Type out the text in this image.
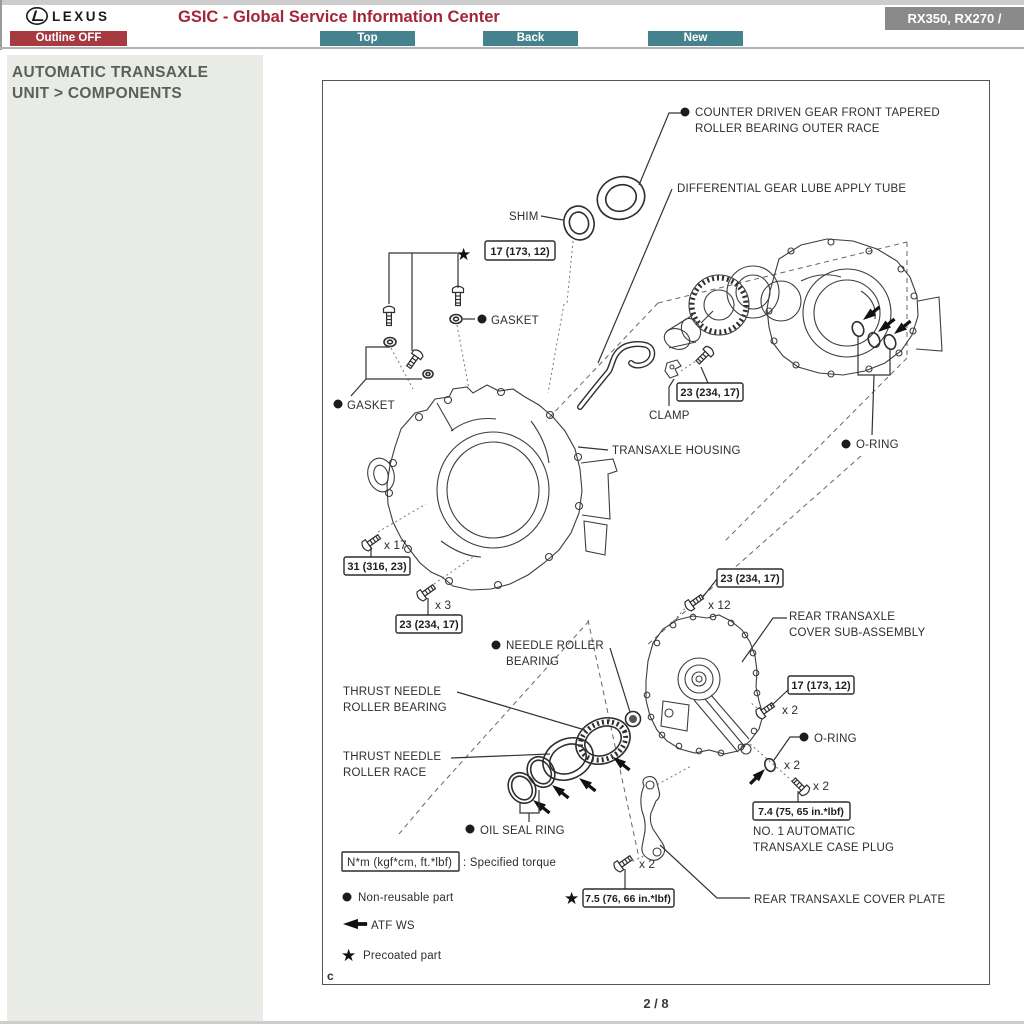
LEXUS	GSIC - Global Service Information Center	RX350, RX270 /
Outline OFF	Top	Back	New
AUTOMATIC TRANSAXLE
UNIT > COMPONENTS
★
★
★
COUNTER DRIVEN GEAR FRONT TAPERED
ROLLER BEARING OUTER RACE
SHIM
DIFFERENTIAL GEAR LUBE APPLY TUBE
GASKET
GASKET
CLAMP
TRANSAXLE HOUSING	O-RING
REAR TRANSAXLE
COVER SUB-ASSEMBLY
NEEDLE ROLLER
BEARING
THRUST NEEDLE
ROLLER BEARING
THRUST NEEDLE
ROLLER RACE
OIL SEAL RING
O-RING
NO. 1 AUTOMATIC
TRANSAXLE CASE PLUG
REAR TRANSAXLE COVER PLATE
x 17
x 3	x 12
x 2
x 2
x 2
x 2
17 (173, 12)
23 (234, 17)
31 (316, 23)
23 (234, 17)
23 (234, 17)
17 (173, 12)
7.4 (75, 65 in.*lbf)
7.5 (76, 66 in.*lbf)
N*m (kgf*cm, ft.*lbf) : Specified torque
Non-reusable part
ATF WS
Precoated part
c
2 / 8
